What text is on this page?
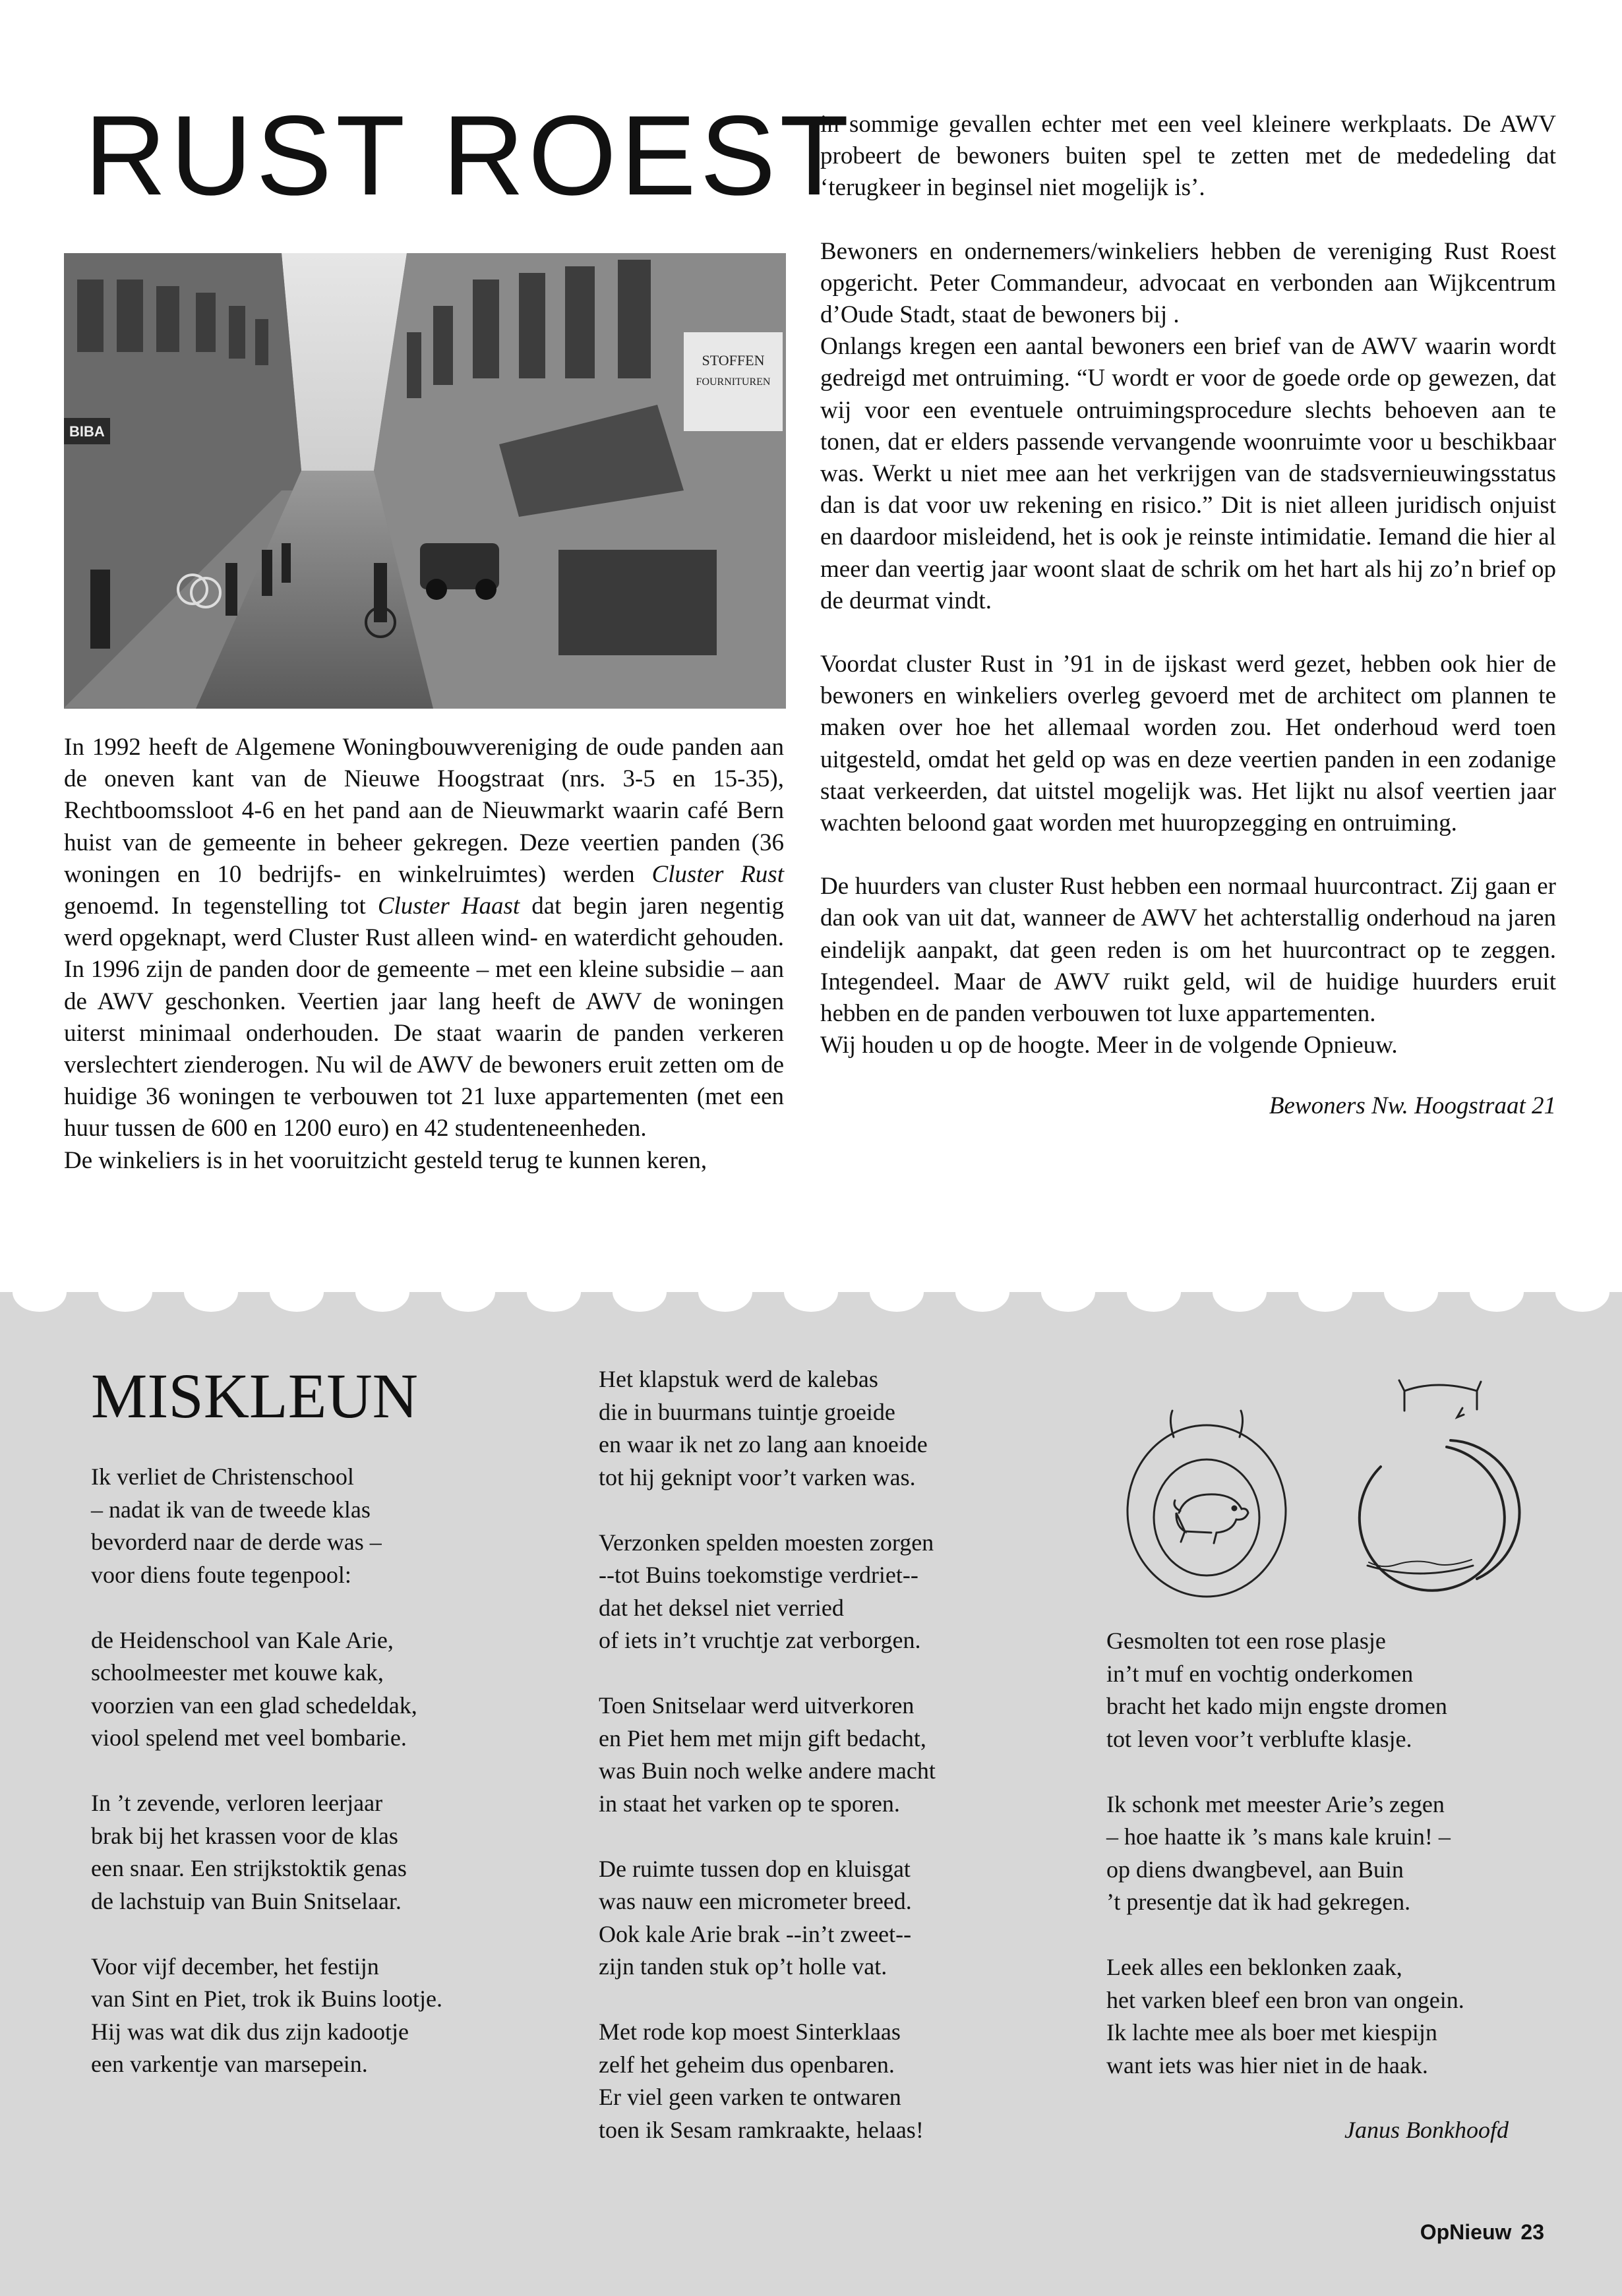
RUST ROEST
STOFFEN
FOURNITUREN
BIBA

In 1992 heeft de Algemene Woningbouwvereniging de oude panden aan de oneven kant van de Nieuwe Hoogstraat (nrs. 3-5 en 15-35), Rechtboomssloot 4-6 en het pand aan de Nieuwmarkt waarin café Bern huist van de gemeente in beheer gekregen. Deze veertien panden (36 woningen en 10 bedrijfs- en winkelruimtes) werden Cluster Rust genoemd. In tegenstelling tot Cluster Haast dat begin jaren negentig werd opgeknapt, werd Cluster Rust alleen wind- en waterdicht gehouden. In 1996 zijn de panden door de gemeente – met een kleine subsidie – aan de AWV geschonken. Veertien jaar lang heeft de AWV de woningen uiterst minimaal onderhouden. De staat waarin de panden verkeren verslechtert zienderogen. Nu wil de AWV de bewoners eruit zetten om de huidige 36 woningen te verbouwen tot 21 luxe appartementen (met een huur tussen de 600 en 1200 euro) en 42 studenteneenheden.

De winkeliers is in het vooruitzicht gesteld terug te kunnen keren,

in sommige gevallen echter met een veel kleinere werkplaats. De AWV probeert de bewoners buiten spel te zetten met de mededeling dat ‘terugkeer in beginsel niet mogelijk is’.

Bewoners en ondernemers/winkeliers hebben de vereniging Rust Roest opgericht. Peter Commandeur, advocaat en verbonden aan Wijkcentrum d’Oude Stadt, staat de bewoners bij .

Onlangs kregen een aantal bewoners een brief van de AWV waarin wordt gedreigd met ontruiming. “U wordt er voor de goede orde op gewezen, dat wij voor een eventuele ontruimingsprocedure slechts behoeven aan te tonen, dat er elders passende vervangende woonruimte voor u beschikbaar was. Werkt u niet mee aan het verkrijgen van de stadsvernieuwingsstatus dan is dat voor uw rekening en risico.” Dit is niet alleen juridisch onjuist en daardoor misleidend, het is ook je reinste intimidatie. Iemand die hier al meer dan veertig jaar woont slaat de schrik om het hart als hij zo’n brief op de deurmat vindt.

Voordat cluster Rust in ’91 in de ijskast werd gezet, hebben ook hier de bewoners en winkeliers overleg gevoerd met de architect om plannen te maken over hoe het allemaal worden zou. Het onderhoud werd toen uitgesteld, omdat het geld op was en deze veertien panden in een zodanige staat verkeerden, dat uitstel mogelijk was. Het lijkt nu alsof veertien jaar wachten beloond gaat worden met huuropzegging en ontruiming.

De huurders van cluster Rust hebben een normaal huurcontract. Zij gaan er dan ook van uit dat, wanneer de AWV het achterstallig onderhoud na jaren eindelijk aanpakt, dat geen reden is om het huurcontract op te zeggen. Integendeel. Maar de AWV ruikt geld, wil de huidige huurders eruit hebben en de panden verbouwen tot luxe appartementen.

Wij houden u op de hoogte. Meer in de volgende Opnieuw.

Bewoners Nw. Hoogstraat 21
MISKLEUN

Ik verliet de Christenschool

– nadat ik van de tweede klas

bevorderd naar de derde was –

voor diens foute tegenpool:

de Heidenschool van Kale Arie,

schoolmeester met kouwe kak,

voorzien van een glad schedeldak,

viool spelend met veel bombarie.

In ’t zevende, verloren leerjaar

brak bij het krassen voor de klas

een snaar. Een strijkstoktik genas

de lachstuip van Buin Snitselaar.

Voor vijf december, het festijn

van Sint en Piet, trok ik Buins lootje.

Hij was wat dik dus zijn kadootje

een varkentje van marsepein.

Het klapstuk werd de kalebas

die in buurmans tuintje groeide

en waar ik net zo lang aan knoeide

tot hij geknipt voor’t varken was.

Verzonken spelden moesten zorgen

--tot Buins toekomstige verdriet--

dat het deksel niet verried

of iets in’t vruchtje zat verborgen.

Toen Snitselaar werd uitverkoren

en Piet hem met mijn gift bedacht,

was Buin noch welke andere macht

in staat het varken op te sporen.

De ruimte tussen dop en kluisgat

was nauw een micrometer breed.

Ook kale Arie brak --in’t zweet--

zijn tanden stuk op’t holle vat.

Met rode kop moest Sinterklaas

zelf het geheim dus openbaren.

Er viel geen varken te ontwaren

toen ik Sesam ramkraakte, helaas!

Gesmolten tot een rose plasje

in’t muf en vochtig onderkomen

bracht het kado mijn engste dromen

tot leven voor’t verblufte klasje.

Ik schonk met meester Arie’s zegen

– hoe haatte ik ’s mans kale kruin! –

op diens dwangbevel, aan Buin

’t presentje dat ìk had gekregen.

Leek alles een beklonken zaak,

het varken bleef een bron van ongein.

Ik lachte mee als boer met kiespijn

want iets was hier niet in de haak.

Janus Bonkhoofd
OpNieuw 23
